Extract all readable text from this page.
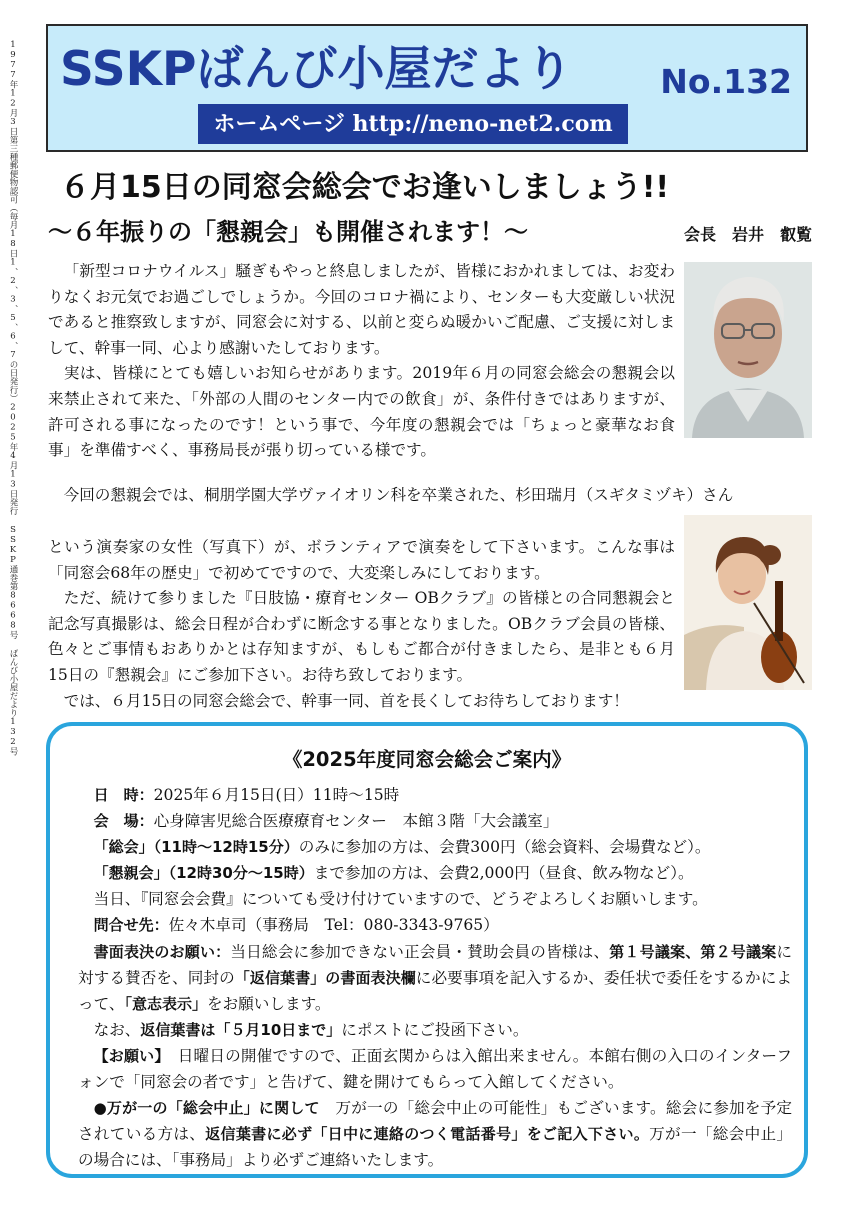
1977年12月3日第三種郵便物認可（毎月18日1、2、3、5、6、7の日発行）2025年4月13日発行 SSKP通巻第8668号 ばんび小屋だより132号 SSKPばんび小屋だより	No.132
ホームページ http://neno-net2.com
６月15日の同窓会総会でお逢いしましょう!!
～６年振りの「懇親会」も開催されます！～	会長　岩井　叡覧

「新型コロナウイルス」騒ぎもやっと終息しましたが、皆様におかれましては、お変わりなくお元気でお過ごしでしょうか。今回のコロナ禍により、センターも大変厳しい状況であると推察致しますが、同窓会に対する、以前と変らぬ暖かいご配慮、ご支援に対しまして、幹事一同、心より感謝いたしております。
実は、皆様にとても嬉しいお知らせがあります。2019年６月の同窓会総会の懇親会以来禁止されて来た、「外部の人間のセンター内での飲食」が、条件付きではありますが、許可される事になったのです！という事で、今年度の懇親会では「ちょっと豪華なお食事」を準備すべく、事務局長が張り切っている様です。

今回の懇親会では、桐朋学園大学ヴァイオリン科を卒業された、杉田瑞月（スギタミヅキ）さん

という演奏家の女性（写真下）が、ボランティアで演奏をして下さいます。こんな事は「同窓会68年の歴史」で初めてですので、大変楽しみにしております。
ただ、続けて参りました『日肢協・療育センター OBクラブ』の皆様との合同懇親会と記念写真撮影は、総会日程が合わずに断念する事となりました。OBクラブ会員の皆様、色々とご事情もおありかとは存知ますが、もしもご都合が付きましたら、是非とも６月15日の『懇親会』にご参加下さい。お待ち致しております。
では、６月15日の同窓会総会で、幹事一同、首を長くしてお待ちしております！

《2025年度同窓会総会ご案内》

日　時：2025年６月15日(日）11時～15時

会　場：心身障害児総合医療療育センター　本館３階「大会議室」

「総会」（11時～12時15分）のみに参加の方は、会費300円（総会資料、会場費など）。

「懇親会」（12時30分～15時）まで参加の方は、会費2,000円（昼食、飲み物など）。

当日、『同窓会会費』についても受け付けていますので、どうぞよろしくお願いします。

問合せ先：佐々木卓司（事務局　Tel：080-3343-9765）

書面表決のお願い：当日総会に参加できない正会員・賛助会員の皆様は、第１号議案、第２号議案に対する賛否を、同封の「返信葉書」の書面表決欄に必要事項を記入するか、委任状で委任をするかによって、「意志表示」をお願いします。

なお、返信葉書は「５月10日まで」にポストにご投函下さい。

【お願い】　日曜日の開催ですので、正面玄関からは入館出来ません。本館右側の入口のインターフォンで「同窓会の者です」と告げて、鍵を開けてもらって入館してください。

●万が一の「総会中止」に関して　万が一の「総会中止の可能性」もございます。総会に参加を予定されている方は、返信葉書に必ず「日中に連絡のつく電話番号」をご記入下さい。万が一「総会中止」の場合には、「事務局」より必ずご連絡いたします。
